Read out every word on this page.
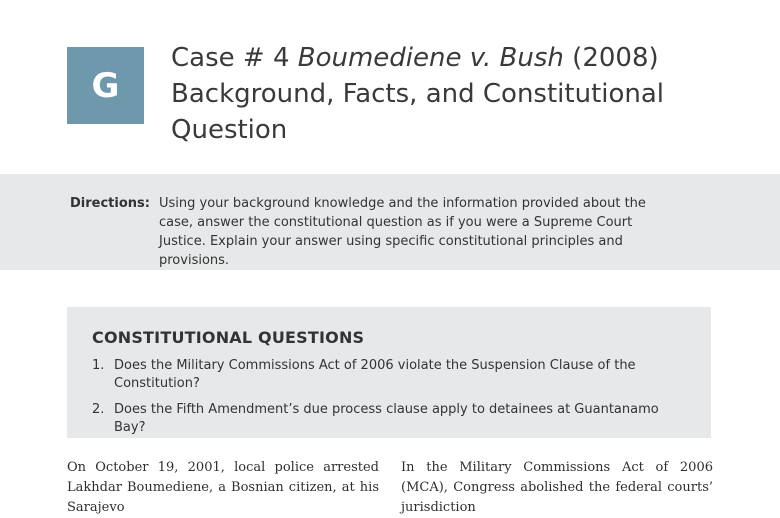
G
Case # 4 Boumediene v. Bush (2008)
Background, Facts, and Constitutional
Question
Directions: Using your background knowledge and the information provided about the case, answer the constitutional question as if you were a Supreme Court Justice. Explain your answer using specific constitutional principles and provisions.
CONSTITUTIONAL QUESTIONS
1. Does the Military Commissions Act of 2006 violate the Suspension Clause of the Constitution?
2. Does the Fifth Amendment’s due process clause apply to detainees at Guantanamo Bay?
On October 19, 2001, local police arrested Lakhdar Boumediene, a Bosnian citizen, at his Sarajevo
In the Military Commissions Act of 2006 (MCA), Congress abolished the federal courts’ jurisdiction
